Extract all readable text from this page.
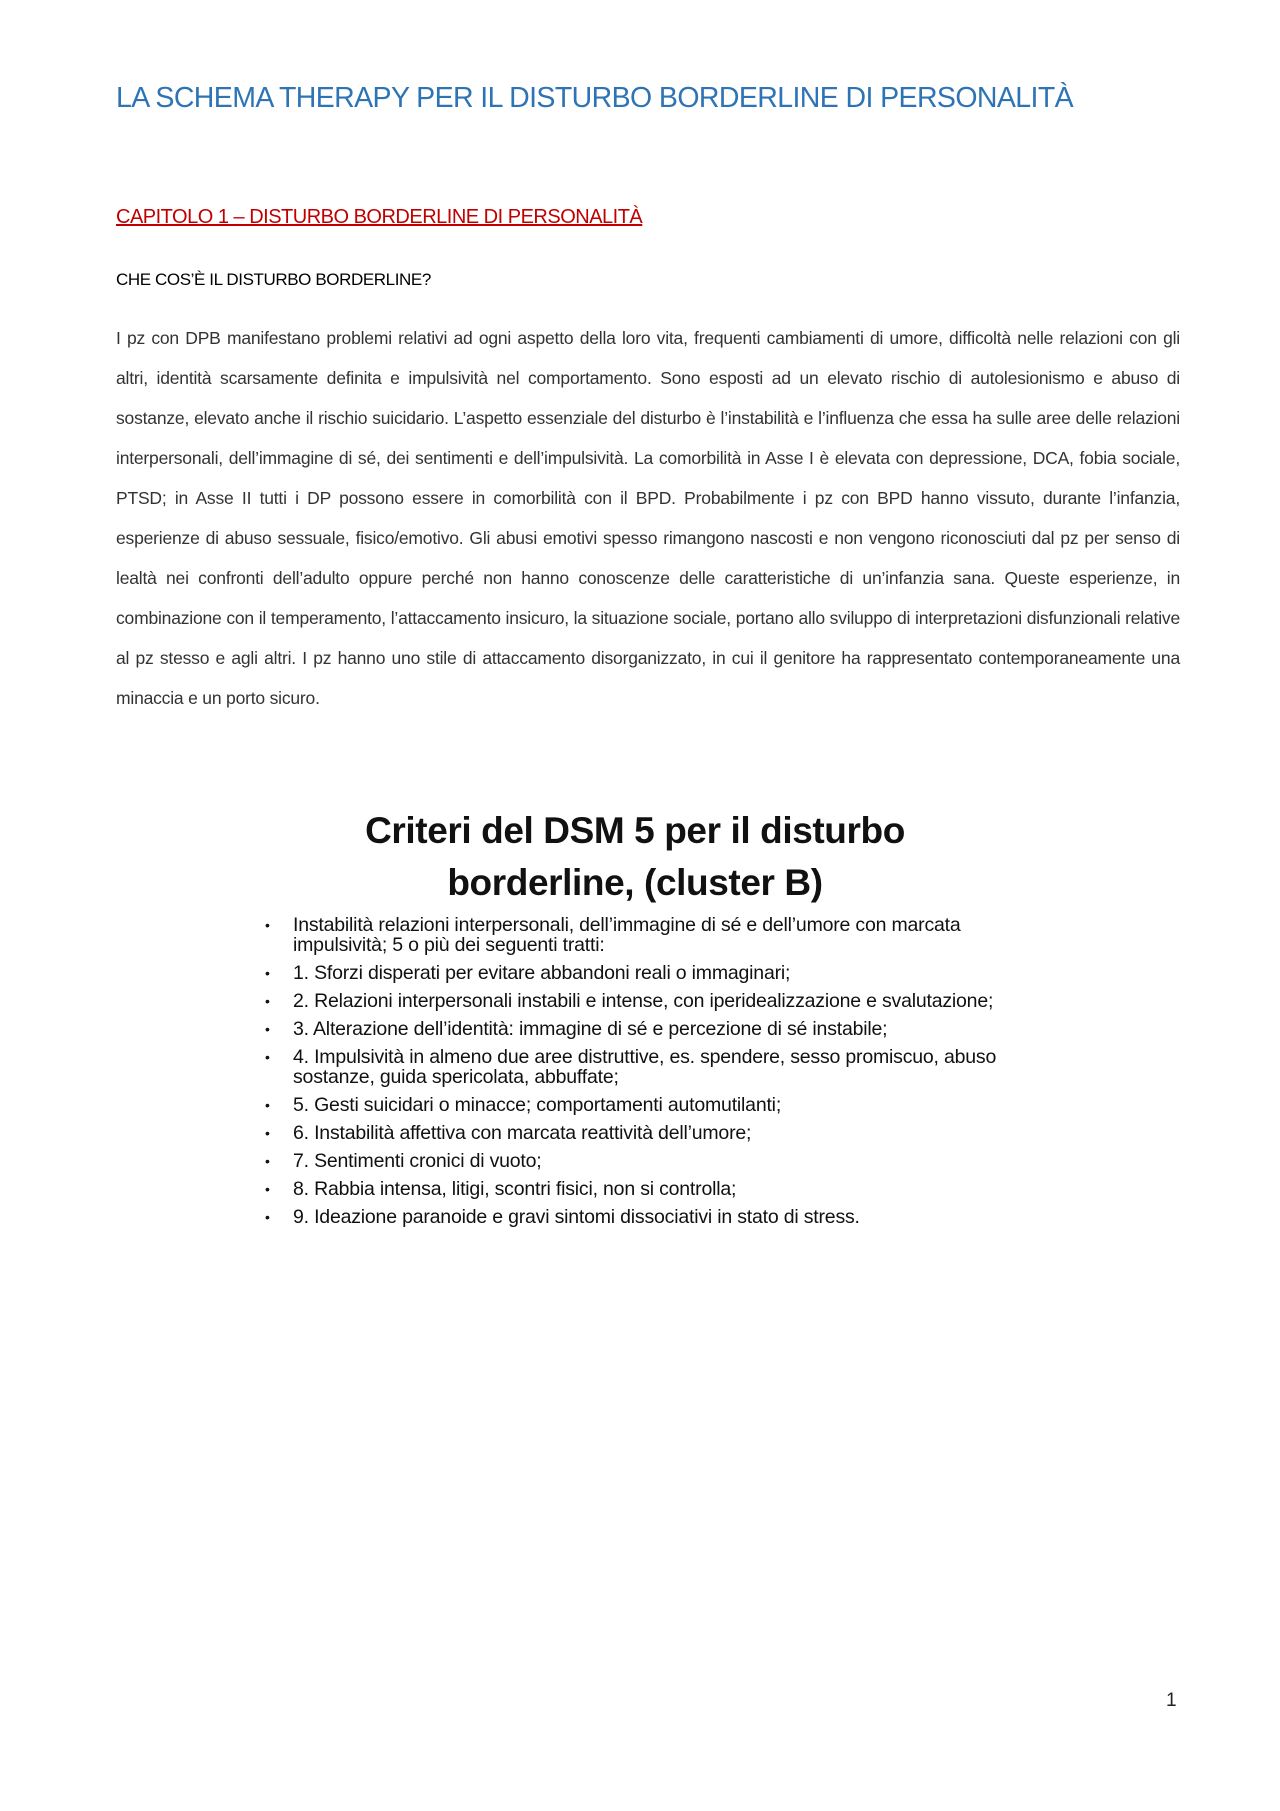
LA SCHEMA THERAPY PER IL DISTURBO BORDERLINE DI PERSONALITÀ
CAPITOLO 1 – DISTURBO BORDERLINE DI PERSONALITÀ
CHE COS’È IL DISTURBO BORDERLINE?

I pz con DPB manifestano problemi relativi ad ogni aspetto della loro vita, frequenti cambiamenti di umore, difficoltà nelle relazioni con gli altri, identità scarsamente definita e impulsività nel comportamento. Sono esposti ad un elevato rischio di autolesionismo e abuso di sostanze, elevato anche il rischio suicidario. L’aspetto essenziale del disturbo è l’instabilità e l’influenza che essa ha sulle aree delle relazioni interpersonali, dell’immagine di sé, dei sentimenti e dell’impulsività. La comorbilità in Asse I è elevata con depressione, DCA, fobia sociale, PTSD; in Asse II tutti i DP possono essere in comorbilità con il BPD. Probabilmente i pz con BPD hanno vissuto, durante l’infanzia, esperienze di abuso sessuale, fisico/emotivo. Gli abusi emotivi spesso rimangono nascosti e non vengono riconosciuti dal pz per senso di lealtà nei confronti dell’adulto oppure perché non hanno conoscenze delle caratteristiche di un’infanzia sana. Queste esperienze, in combinazione con il temperamento, l’attaccamento insicuro, la situazione sociale, portano allo sviluppo di interpretazioni disfunzionali relative al pz stesso e agli altri. I pz hanno uno stile di attaccamento disorganizzato, in cui il genitore ha rappresentato contemporaneamente una minaccia e un porto sicuro.

Criteri del DSM 5 per il disturbo
borderline, (cluster B)
• Instabilità relazioni interpersonali, dell’immagine di sé e dell’umore con marcata impulsività; 5 o più dei seguenti tratti:
• 1. Sforzi disperati per evitare abbandoni reali o immaginari;
• 2. Relazioni interpersonali instabili e intense, con iperidealizzazione e svalutazione;
• 3. Alterazione dell’identità: immagine di sé e percezione di sé instabile;
• 4. Impulsività in almeno due aree distruttive, es. spendere, sesso promiscuo, abuso sostanze, guida spericolata, abbuffate;
• 5. Gesti suicidari o minacce; comportamenti automutilanti;
• 6. Instabilità affettiva con marcata reattività dell’umore;
• 7. Sentimenti cronici di vuoto;
• 8. Rabbia intensa, litigi, scontri fisici, non si controlla;
• 9. Ideazione paranoide e gravi sintomi dissociativi in stato di stress.
1
